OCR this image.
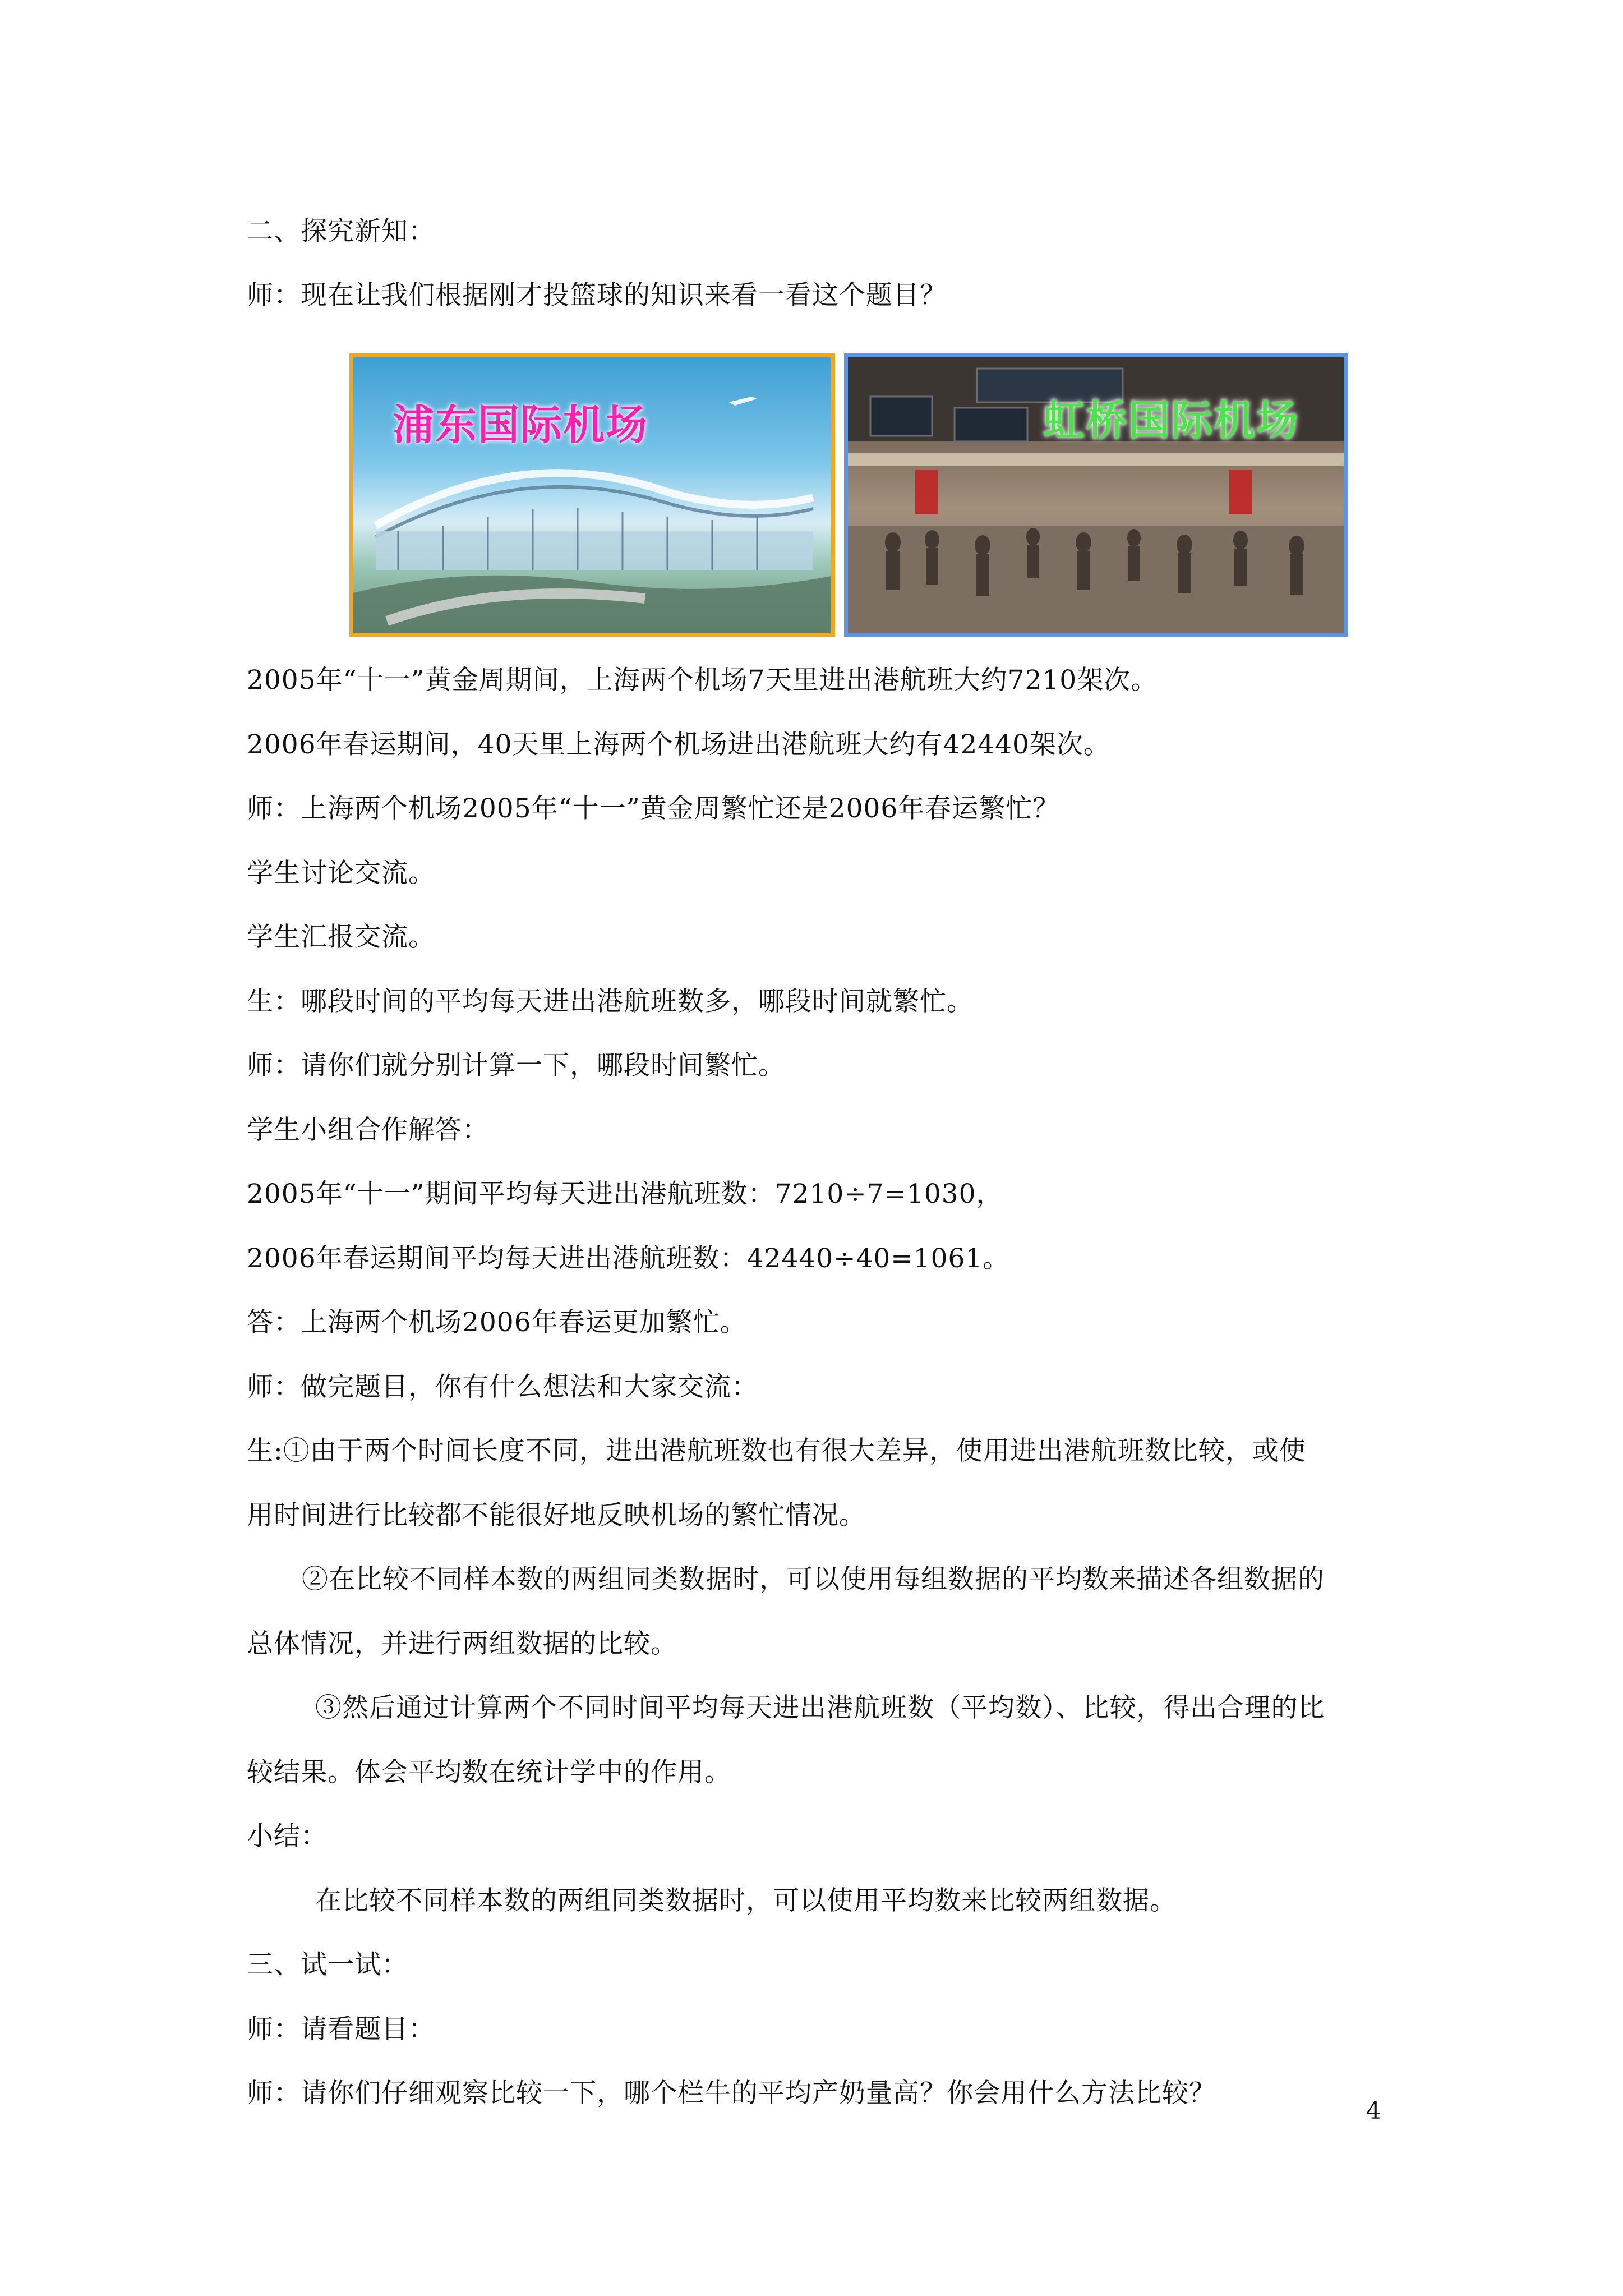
二、探究新知：
师：现在让我们根据刚才投篮球的知识来看一看这个题目？
浦东国际机场	虹桥国际机场
2005年“十一”黄金周期间，上海两个机场7天里进出港航班大约7210架次。
2006年春运期间，40天里上海两个机场进出港航班大约有42440架次。
师：上海两个机场2005年“十一”黄金周繁忙还是2006年春运繁忙？
学生讨论交流。
学生汇报交流。
生：哪段时间的平均每天进出港航班数多，哪段时间就繁忙。
师：请你们就分别计算一下，哪段时间繁忙。
学生小组合作解答：
2005年“十一”期间平均每天进出港航班数：7210÷7=1030，
2006年春运期间平均每天进出港航班数：42440÷40=1061。
答：上海两个机场2006年春运更加繁忙。
师：做完题目，你有什么想法和大家交流：
生:①由于两个时间长度不同，进出港航班数也有很大差异，使用进出港航班数比较，或使
用时间进行比较都不能很好地反映机场的繁忙情况。
②在比较不同样本数的两组同类数据时，可以使用每组数据的平均数来描述各组数据的
总体情况，并进行两组数据的比较。
③然后通过计算两个不同时间平均每天进出港航班数（平均数）、比较，得出合理的比
较结果。体会平均数在统计学中的作用。
小结：
在比较不同样本数的两组同类数据时，可以使用平均数来比较两组数据。
三、试一试：
师：请看题目：
师：请你们仔细观察比较一下，哪个栏牛的平均产奶量高？你会用什么方法比较？
4
